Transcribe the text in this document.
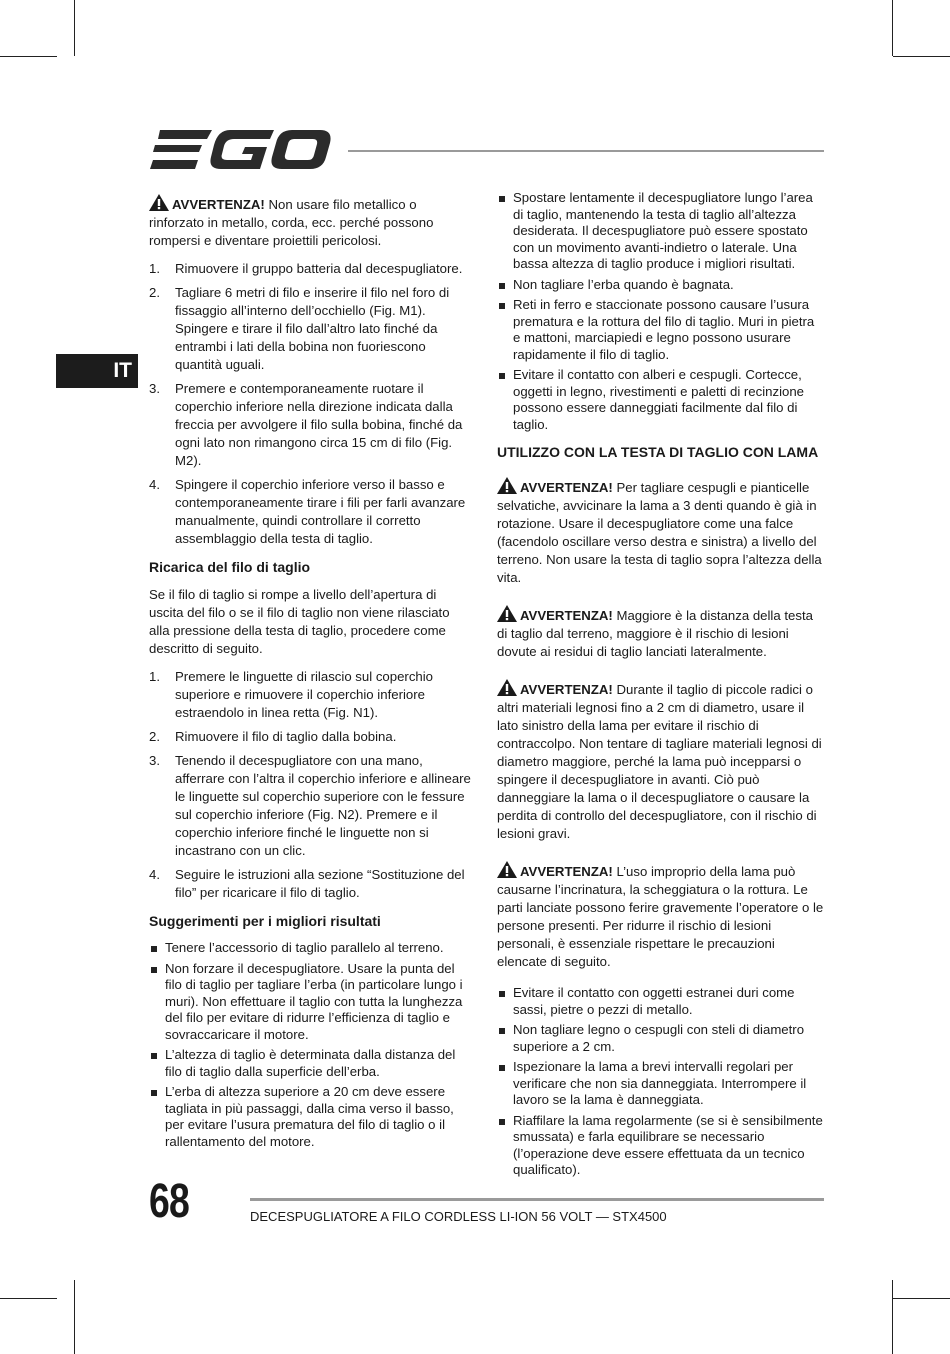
IT

AVVERTENZA! Non usare filo metallico o rinforzato in metallo, corda, ecc. perché possono rompersi e diventare proiettili pericolosi.

1. Rimuovere il gruppo batteria dal decespugliatore.
2. Tagliare 6 metri di filo e inserire il filo nel foro di fissaggio all’interno dell’occhiello (Fig. M1). Spingere e tirare il filo dall’altro lato finché da entrambi i lati della bobina non fuoriescono quantità uguali.
3. Premere e contemporaneamente ruotare il coperchio inferiore nella direzione indicata dalla freccia per avvolgere il filo sulla bobina, finché da ogni lato non rimangono circa 15 cm di filo (Fig. M2).
4. Spingere il coperchio inferiore verso il basso e contemporaneamente tirare i fili per farli avanzare manualmente, quindi controllare il corretto assemblaggio della testa di taglio.
Ricarica del filo di taglio

Se il filo di taglio si rompe a livello dell’apertura di uscita del filo o se il filo di taglio non viene rilasciato alla pressione della testa di taglio, procedere come descritto di seguito.

1. Premere le linguette di rilascio sul coperchio superiore e rimuovere il coperchio inferiore estraendolo in linea retta (Fig. N1).
2. Rimuovere il filo di taglio dalla bobina.
3. Tenendo il decespugliatore con una mano, afferrare con l’altra il coperchio inferiore e allineare le linguette sul coperchio superiore con le fessure sul coperchio inferiore (Fig. N2). Premere e il coperchio inferiore finché le linguette non si incastrano con un clic.
4. Seguire le istruzioni alla sezione “Sostituzione del filo” per ricaricare il filo di taglio.
Suggerimenti per i migliori risultati
Tenere l’accessorio di taglio parallelo al terreno.
Non forzare il decespugliatore. Usare la punta del filo di taglio per tagliare l’erba (in particolare lungo i muri). Non effettuare il taglio con tutta la lunghezza del filo per evitare di ridurre l’efficienza di taglio e sovraccaricare il motore.
L’altezza di taglio è determinata dalla distanza del filo di taglio dalla superficie dell’erba.
L’erba di altezza superiore a 20 cm deve essere tagliata in più passaggi, dalla cima verso il basso, per evitare l’usura prematura del filo di taglio o il rallentamento del motore.
Spostare lentamente il decespugliatore lungo l’area di taglio, mantenendo la testa di taglio all’altezza desiderata. Il decespugliatore può essere spostato con un movimento avanti-indietro o laterale. Una bassa altezza di taglio produce i migliori risultati.
Non tagliare l’erba quando è bagnata.
Reti in ferro e staccionate possono causare l’usura prematura e la rottura del filo di taglio. Muri in pietra e mattoni, marciapiedi e legno possono usurare rapidamente il filo di taglio.
Evitare il contatto con alberi e cespugli. Cortecce, oggetti in legno, rivestimenti e paletti di recinzione possono essere danneggiati facilmente dal filo di taglio.
UTILIZZO CON LA TESTA DI TAGLIO CON LAMA

AVVERTENZA! Per tagliare cespugli e pianticelle selvatiche, avvicinare la lama a 3 denti quando è già in rotazione. Usare il decespugliatore come una falce (facendolo oscillare verso destra e sinistra) a livello del terreno. Non usare la testa di taglio sopra l’altezza della vita.

AVVERTENZA! Maggiore è la distanza della testa di taglio dal terreno, maggiore è il rischio di lesioni dovute ai residui di taglio lanciati lateralmente.

AVVERTENZA! Durante il taglio di piccole radici o altri materiali legnosi fino a 2 cm di diametro, usare il lato sinistro della lama per evitare il rischio di contraccolpo. Non tentare di tagliare materiali legnosi di diametro maggiore, perché la lama può incepparsi o spingere il decespugliatore in avanti. Ciò può danneggiare la lama o il decespugliatore o causare la perdita di controllo del decespugliatore, con il rischio di lesioni gravi.

AVVERTENZA! L’uso improprio della lama può causarne l’incrinatura, la scheggiatura o la rottura. Le parti lanciate possono ferire gravemente l’operatore o le persone presenti. Per ridurre il rischio di lesioni personali, è essenziale rispettare le precauzioni elencate di seguito.

Evitare il contatto con oggetti estranei duri come sassi, pietre o pezzi di metallo.
Non tagliare legno o cespugli con steli di diametro superiore a 2 cm.
Ispezionare la lama a brevi intervalli regolari per verificare che non sia danneggiata. Interrompere il lavoro se la lama è danneggiata.
Riaffilare la lama regolarmente (se si è sensibilmente smussata) e farla equilibrare se necessario (l’operazione deve essere effettuata da un tecnico qualificato).
68	DECESPUGLIATORE A FILO CORDLESS LI-ION 56 VOLT — STX4500
